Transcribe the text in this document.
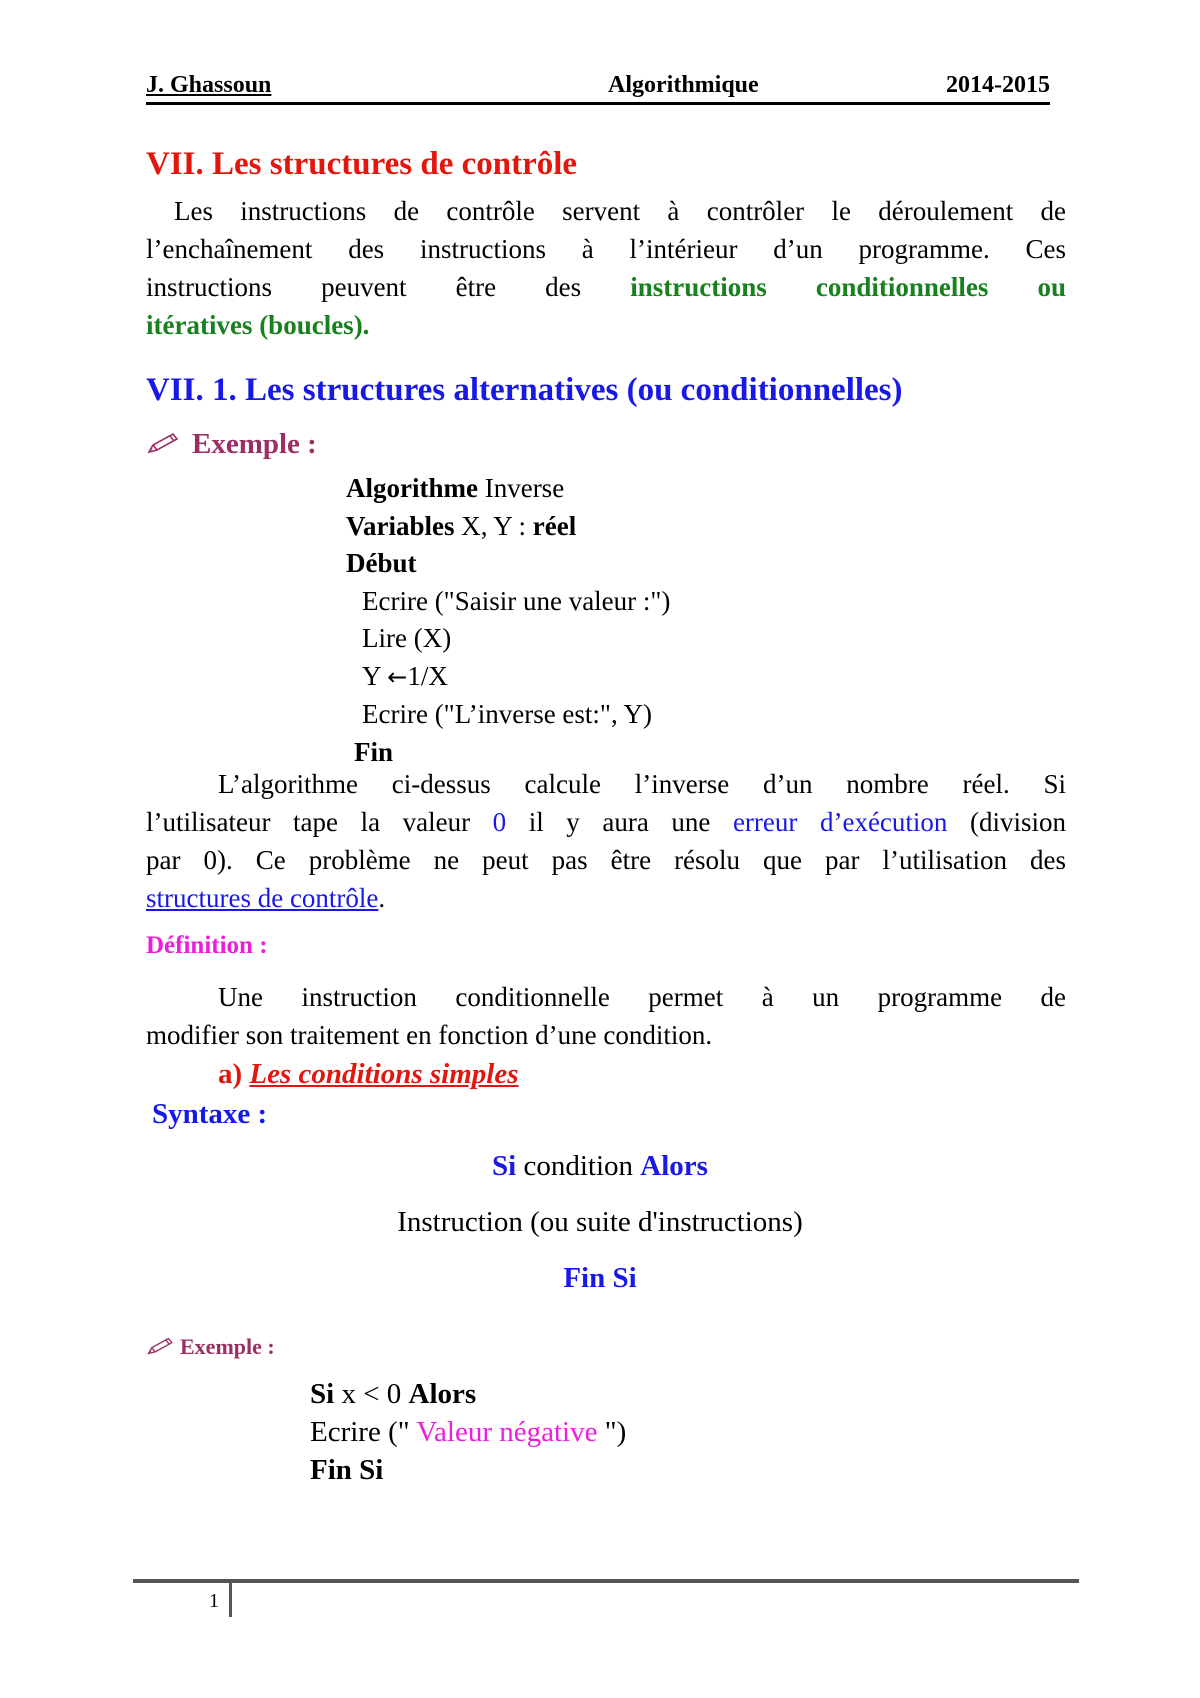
J. Ghassoun	Algorithmique	2014-2015
VII. Les structures de contrôle
Les instructions de contrôle servent à contrôler le déroulement de
l’enchaînement des instructions à l’intérieur d’un programme. Ces
instructions peuvent être des instructions conditionnelles ou
itératives (boucles).
VII. 1. Les structures alternatives (ou conditionnelles)
Exemple :
Algorithme Inverse
Variables X, Y : réel
Début
Ecrire ("Saisir une valeur :")
Lire (X)
Y ←1/X
Ecrire ("L’inverse est:", Y)
Fin
L’algorithme ci-dessus calcule l’inverse d’un nombre réel. Si
l’utilisateur tape la valeur 0 il y aura une erreur d’exécution (division
par 0). Ce problème ne peut pas être résolu que par l’utilisation des
structures de contrôle.
Définition :
Une instruction conditionnelle permet à un programme de
modifier son traitement en fonction d’une condition.
a) Les conditions simples
Syntaxe :
Si condition Alors
Instruction (ou suite d'instructions)
Fin Si
Exemple :
Si x < 0 Alors
Ecrire (" Valeur négative ")
Fin Si
1
